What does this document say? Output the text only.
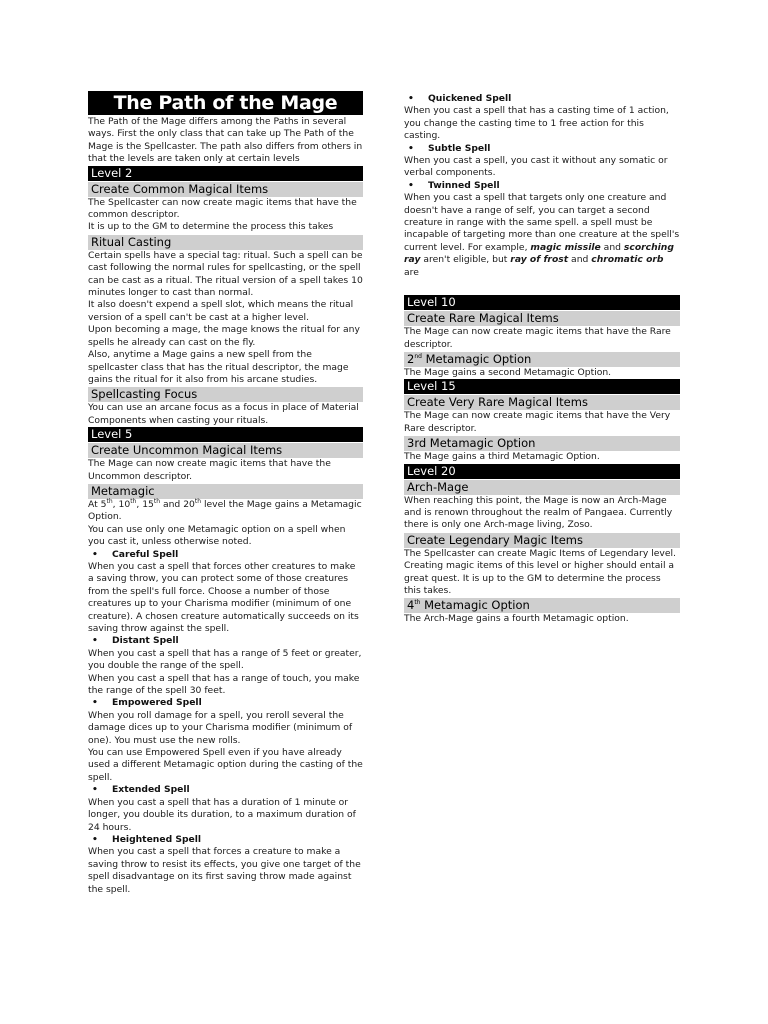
The Path of the Mage

The Path of the Mage differs among the Paths in several ways. First the only class that can take up The Path of the Mage is the Spellcaster. The path also differs from others in that the levels are taken only at certain levels

Level 2
Create Common Magical Items

The Spellcaster can now create magic items that have the common descriptor.

It is up to the GM to determine the process this takes

Ritual Casting

Certain spells have a special tag: ritual. Such a spell can be cast following the normal rules for spellcasting, or the spell can be cast as a ritual. The ritual version of a spell takes 10 minutes longer to cast than normal.

It also doesn't expend a spell slot, which means the ritual version of a spell can't be cast at a higher level.

Upon becoming a mage, the mage knows the ritual for any spells he already can cast on the fly.

Also, anytime a Mage gains a new spell from the spellcaster class that has the ritual descriptor, the mage gains the ritual for it also from his arcane studies.

Spellcasting Focus

You can use an arcane focus as a focus in place of Material Components when casting your rituals.

Level 5
Create Uncommon Magical Items

The Mage can now create magic items that have the Uncommon descriptor.

Metamagic

At 5th, 10th, 15th and 20th level the Mage gains a Metamagic Option.

You can use only one Metamagic option on a spell when you cast it, unless otherwise noted.

• Careful Spell

When you cast a spell that forces other creatures to make a saving throw, you can protect some of those creatures from the spell's full force. Choose a number of those creatures up to your Charisma modifier (minimum of one creature). A chosen creature automatically succeeds on its saving throw against the spell.

• Distant Spell

When you cast a spell that has a range of 5 feet or greater, you double the range of the spell.

When you cast a spell that has a range of touch, you make the range of the spell 30 feet.

• Empowered Spell

When you roll damage for a spell, you reroll several the damage dices up to your Charisma modifier (minimum of one). You must use the new rolls.

You can use Empowered Spell even if you have already used a different Metamagic option during the casting of the spell.

• Extended Spell

When you cast a spell that has a duration of 1 minute or longer, you double its duration, to a maximum duration of 24 hours.

• Heightened Spell

When you cast a spell that forces a creature to make a saving throw to resist its effects, you give one target of the spell disadvantage on its first saving throw made against the spell.

• Quickened Spell

When you cast a spell that has a casting time of 1 action, you change the casting time to 1 free action for this casting.

• Subtle Spell

When you cast a spell, you cast it without any somatic or verbal components.

• Twinned Spell

When you cast a spell that targets only one creature and doesn't have a range of self, you can target a second creature in range with the same spell. a spell must be incapable of targeting more than one creature at the spell's current level. For example, magic missile and scorching ray aren't eligible, but ray of frost and chromatic orb are

Level 10
Create Rare Magical Items

The Mage can now create magic items that have the Rare descriptor.

2nd Metamagic Option

The Mage gains a second Metamagic Option.

Level 15
Create Very Rare Magical Items

The Mage can now create magic items that have the Very Rare descriptor.

3rd Metamagic Option

The Mage gains a third Metamagic Option.

Level 20
Arch-Mage

When reaching this point, the Mage is now an Arch-Mage and is renown throughout the realm of Pangaea. Currently there is only one Arch-mage living, Zoso.

Create Legendary Magic Items

The Spellcaster can create Magic Items of Legendary level. Creating magic items of this level or higher should entail a great quest. It is up to the GM to determine the process this takes.

4th Metamagic Option

The Arch-Mage gains a fourth Metamagic option.
